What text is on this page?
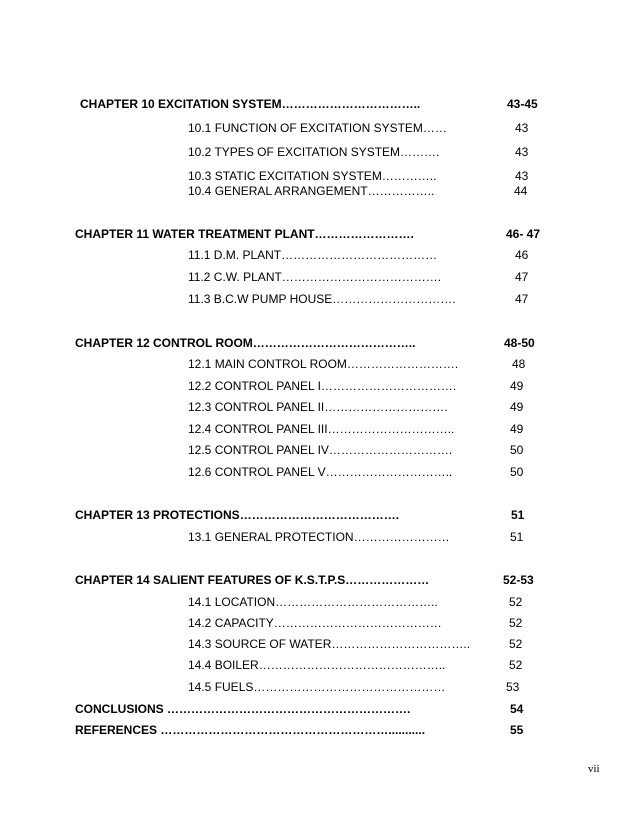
CHAPTER 10 EXCITATION SYSTEM……………………………..	43-45
10.1 FUNCTION OF EXCITATION SYSTEM……	43
10.2 TYPES OF EXCITATION SYSTEM……….	43
10.3 STATIC EXCITATION SYSTEM…………..	43
10.4 GENERAL ARRANGEMENT……………..	44
CHAPTER 11 WATER TREATMENT PLANT…………………….	46- 47
11.1 D.M. PLANT…………………………………	46
11.2 C.W. PLANT………………………………….	47
11.3 B.C.W PUMP HOUSE………………………….	47
CHAPTER 12 CONTROL ROOM…………………………………..	48-50
12.1 MAIN CONTROL ROOM……………………….	48
12.2 CONTROL PANEL I…………………………….	49
12.3 CONTROL PANEL II………………………….	49
12.4 CONTROL PANEL III…………………………..	49
12.5 CONTROL PANEL IV………………………….	50
12.6 CONTROL PANEL V…………………………..	50
CHAPTER 13 PROTECTIONS………………………………….	51
13.1 GENERAL PROTECTION……………………	51
CHAPTER 14 SALIENT FEATURES OF K.S.T.P.S…………………	52-53
14.1 LOCATION…………………………………..	52
14.2 CAPACITY……………………………………	52
14.3 SOURCE OF WATER……………………………..	52
14.4 BOILER………………………………………..	52
14.5 FUELS…………………………………………	53
CONCLUSIONS …………………………………………………….	54
REFERENCES …………………………………………………...........	55
vii
